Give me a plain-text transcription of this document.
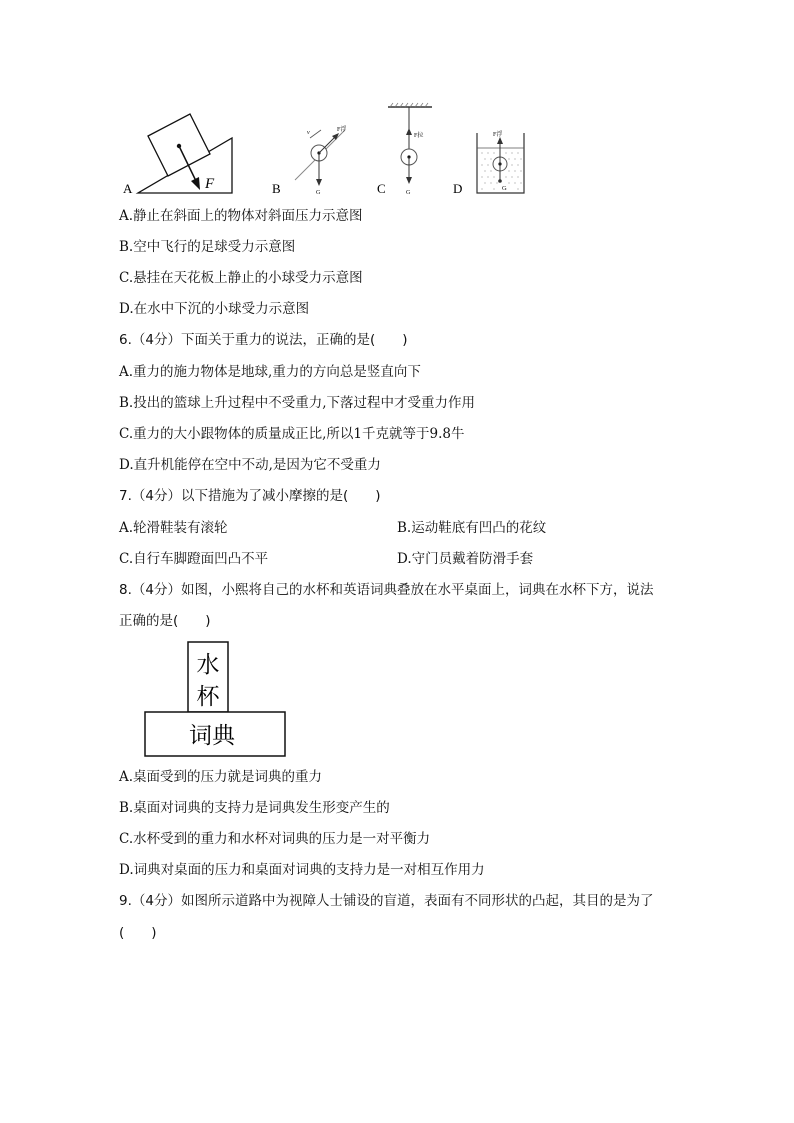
F
A
v	F浮
G
B
F拉
G
C
F浮
G
D
A.静止在斜面上的物体对斜面压力示意图
B.空中飞行的足球受力示意图
C.悬挂在天花板上静止的小球受力示意图
D.在水中下沉的小球受力示意图
6.（4分）下面关于重力的说法，正确的是(　　)
A.重力的施力物体是地球,重力的方向总是竖直向下
B.投出的篮球上升过程中不受重力,下落过程中才受重力作用
C.重力的大小跟物体的质量成正比,所以1千克就等于9.8牛
D.直升机能停在空中不动,是因为它不受重力
7.（4分）以下措施为了减小摩擦的是(　　)
A.轮滑鞋装有滚轮	B.运动鞋底有凹凸的花纹
C.自行车脚蹬面凹凸不平	D.守门员戴着防滑手套
8.（4分）如图，小熙将自己的水杯和英语词典叠放在水平桌面上，词典在水杯下方，说法
正确的是(　　)
水
杯
词典
A.桌面受到的压力就是词典的重力
B.桌面对词典的支持力是词典发生形变产生的
C.水杯受到的重力和水杯对词典的压力是一对平衡力
D.词典对桌面的压力和桌面对词典的支持力是一对相互作用力
9.（4分）如图所示道路中为视障人士铺设的盲道，表面有不同形状的凸起，其目的是为了
(　　)
